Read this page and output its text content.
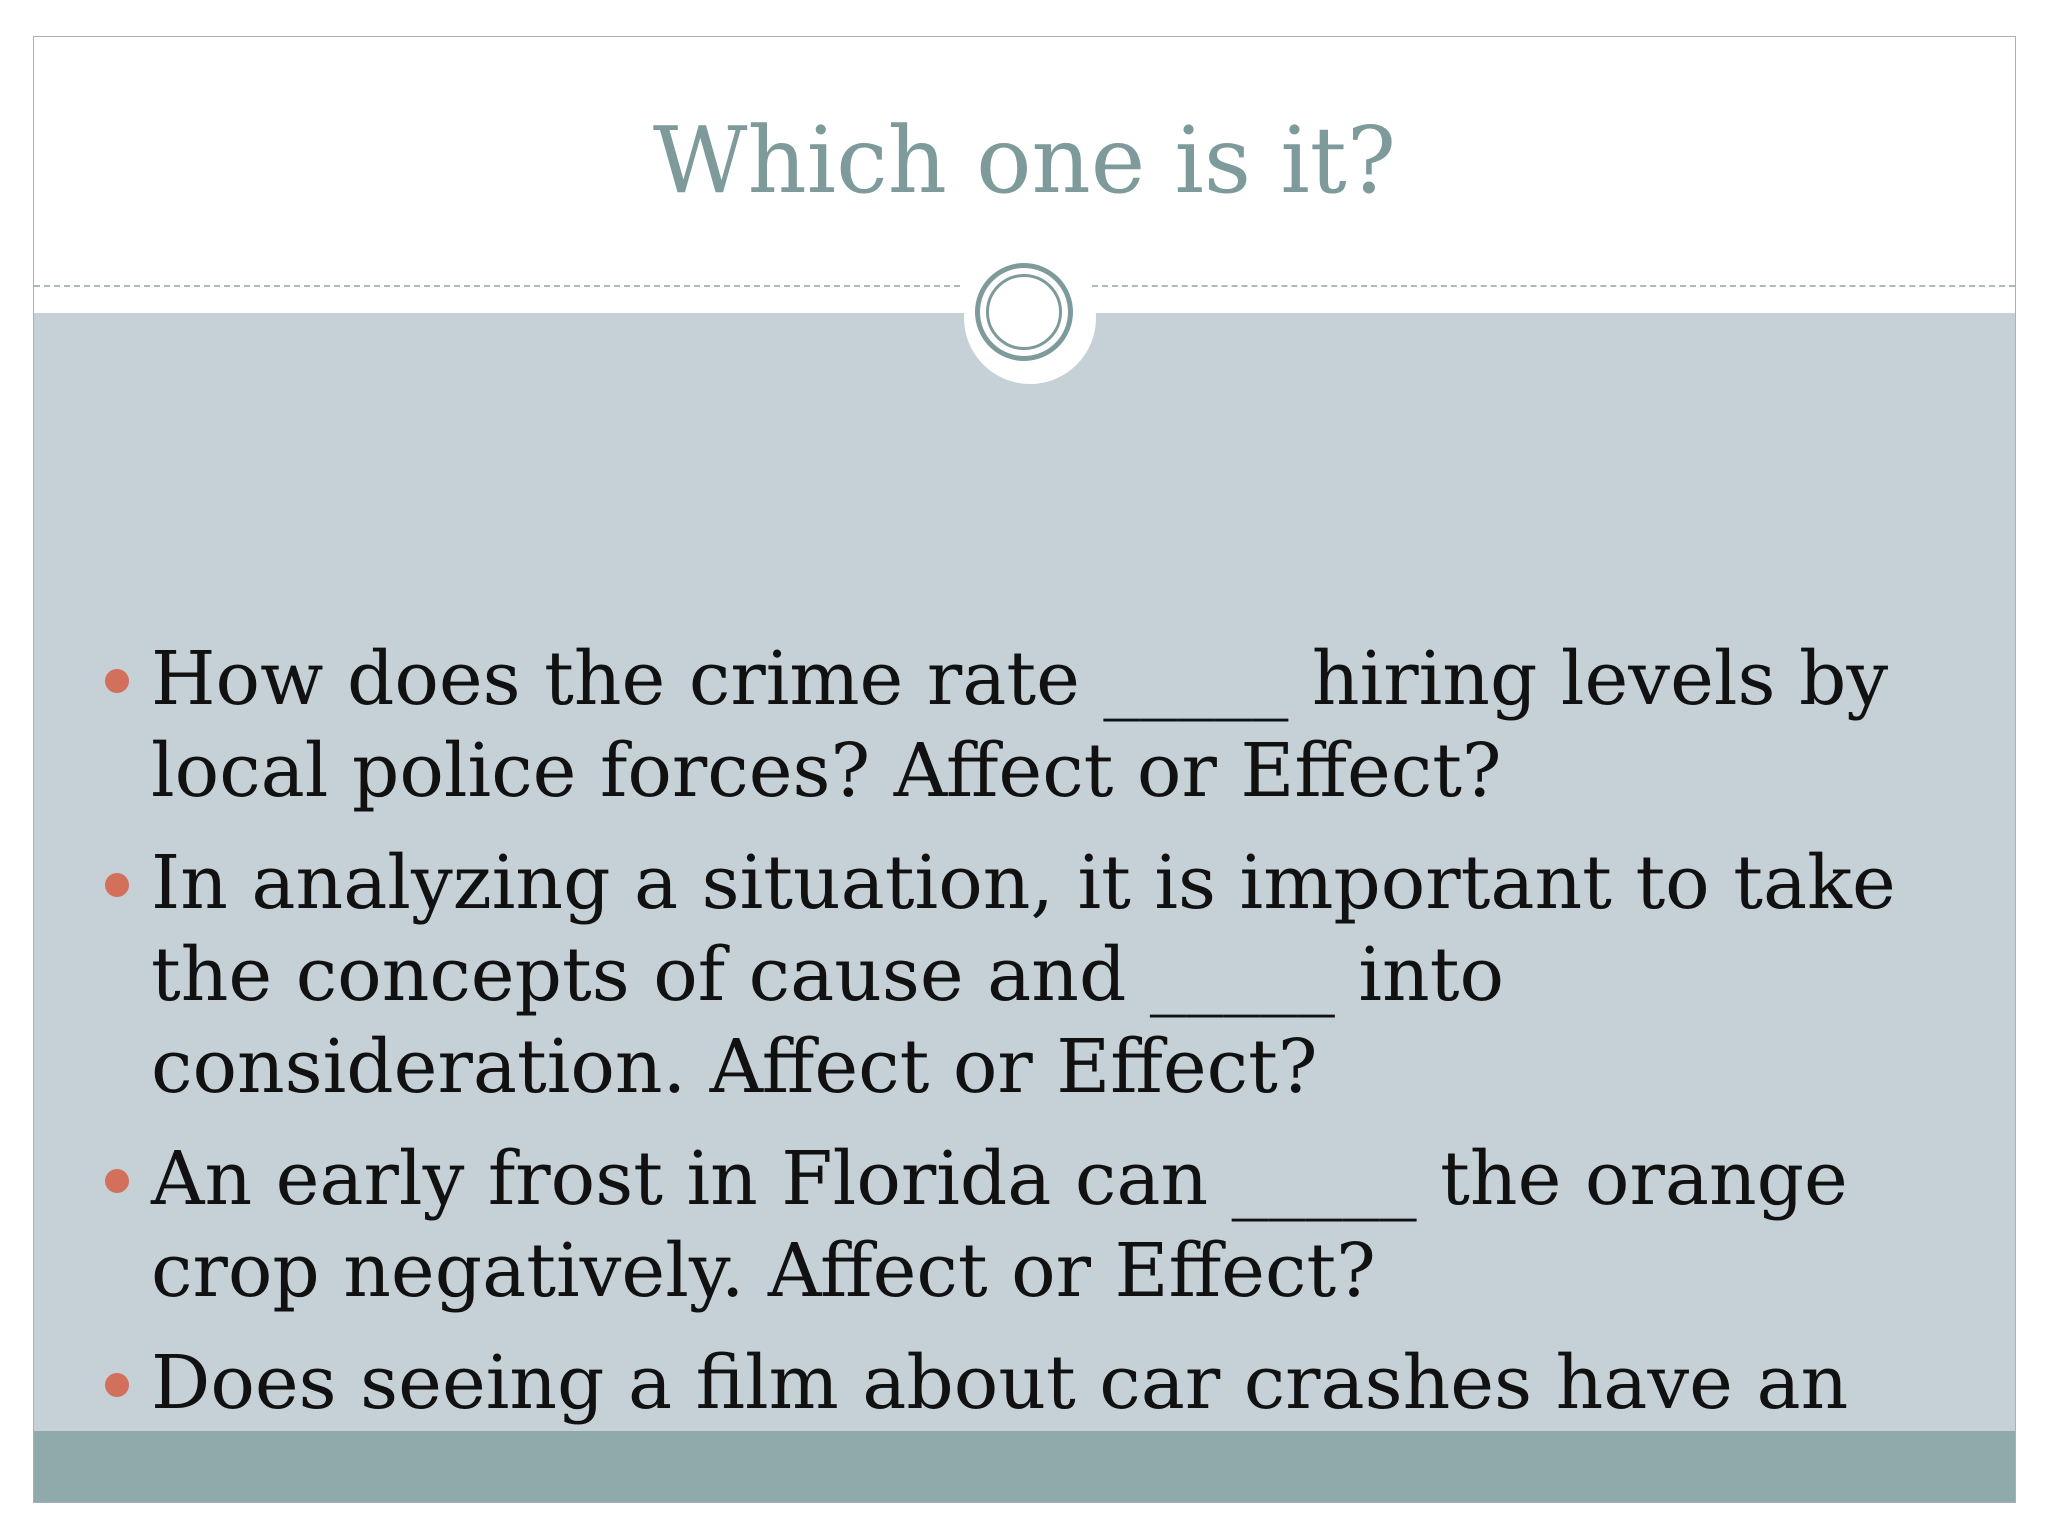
Which one is it?
How does the crime rate _____ hiring levels by local police forces? Affect or Effect?
In analyzing a situation, it is important to take the concepts of cause and _____ into consideration. Affect or Effect?
An early frost in Florida can _____ the orange crop negatively. Affect or Effect?
Does seeing a film about car crashes have an
